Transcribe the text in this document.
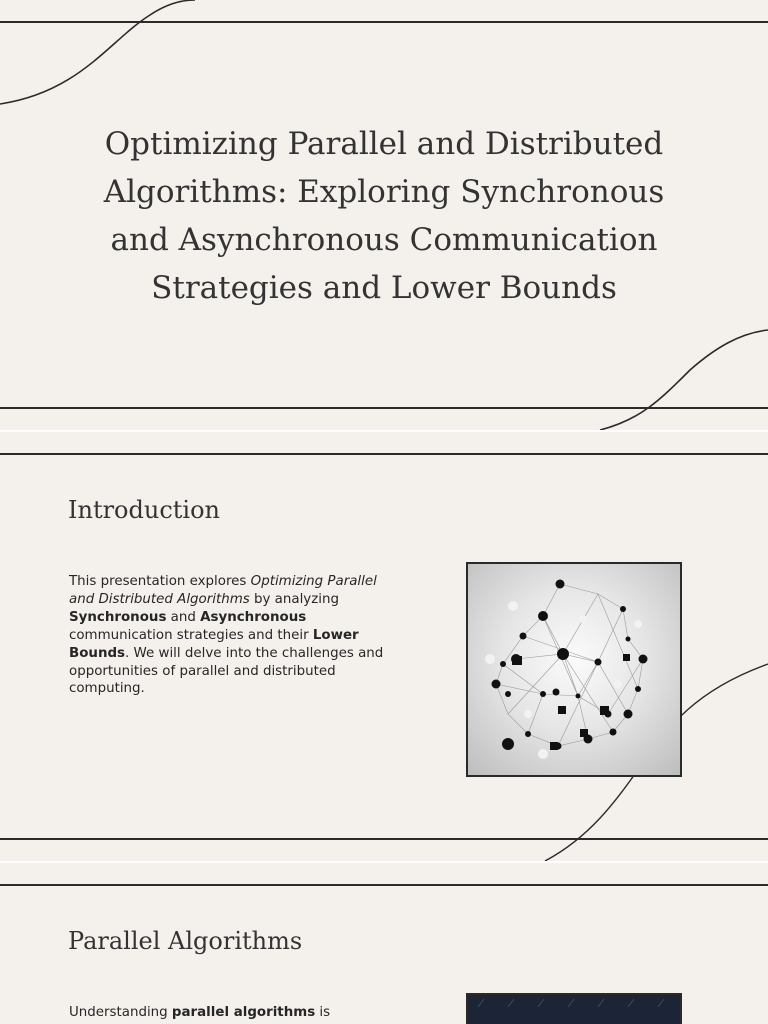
Optimizing Parallel and Distributed Algorithms: Exploring Synchronous and Asynchronous Communication Strategies and Lower Bounds
Introduction

This presentation explores Optimizing Parallel and Distributed Algorithms by analyzing Synchronous and Asynchronous communication strategies and their Lower Bounds. We will delve into the challenges and opportunities of parallel and distributed computing.

Parallel Algorithms

Understanding parallel algorithms is
